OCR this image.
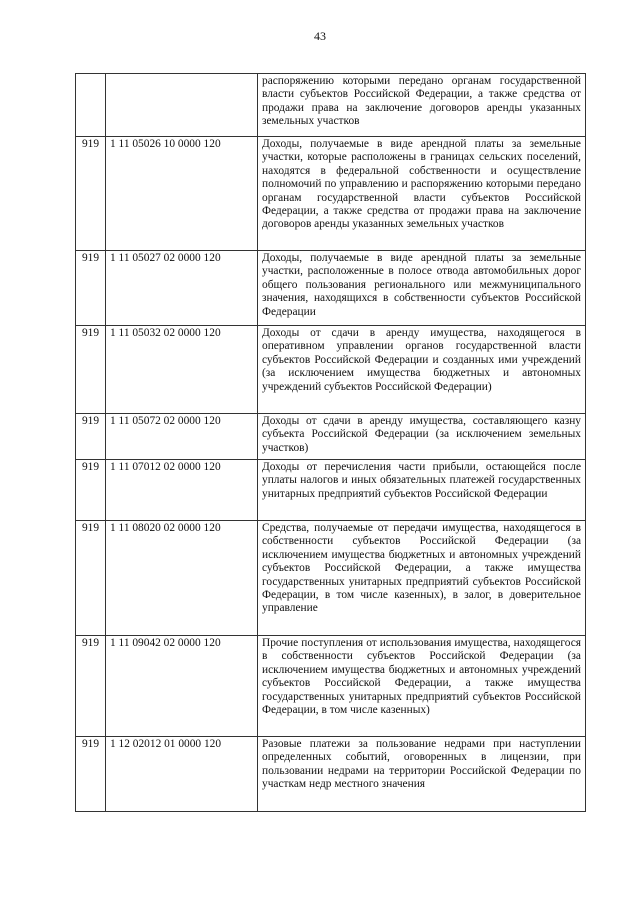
43
		распоряжению которыми передано органам государственной власти субъектов Российской Федерации, а также средства от продажи права на заключение договоров аренды указанных земельных участков
919	1 11 05026 10 0000 120	Доходы, получаемые в виде арендной платы за земельные участки, которые расположены в границах сельских поселений, находятся в федеральной собственности и осуществление полномочий по управлению и распоряжению которыми передано органам государственной власти субъектов Российской Федерации, а также средства от продажи права на заключение договоров аренды указанных земельных участков
919	1 11 05027 02 0000 120	Доходы, получаемые в виде арендной платы за земельные участки, расположенные в полосе отвода автомобильных дорог общего пользования регионального или межмуниципального значения, находящихся в собственности субъектов Российской Федерации
919	1 11 05032 02 0000 120	Доходы от сдачи в аренду имущества, находящегося в оперативном управлении органов государственной власти субъектов Российской Федерации и созданных ими учреждений (за исключением имущества бюджетных и автономных учреждений субъектов Российской Федерации)
919	1 11 05072 02 0000 120	Доходы от сдачи в аренду имущества, составляющего казну субъекта Российской Федерации (за исключением земельных участков)
919	1 11 07012 02 0000 120	Доходы от перечисления части прибыли, остающейся после уплаты налогов и иных обязательных платежей государственных унитарных предприятий субъектов Российской Федерации
919	1 11 08020 02 0000 120	Средства, получаемые от передачи имущества, находящегося в собственности субъектов Российской Федерации (за исключением имущества бюджетных и автономных учреждений субъектов Российской Федерации, а также имущества государственных унитарных предприятий субъектов Российской Федерации, в том числе казенных), в залог, в доверительное управление
919	1 11 09042 02 0000 120	Прочие поступления от использования имущества, находящегося в собственности субъектов Российской Федерации (за исключением имущества бюджетных и автономных учреждений субъектов Российской Федерации, а также имущества государственных унитарных предприятий субъектов Российской Федерации, в том числе казенных)
919	1 12 02012 01 0000 120	Разовые платежи за пользование недрами при наступлении определенных событий, оговоренных в лицензии, при пользовании недрами на территории Российской Федерации по участкам недр местного значения
